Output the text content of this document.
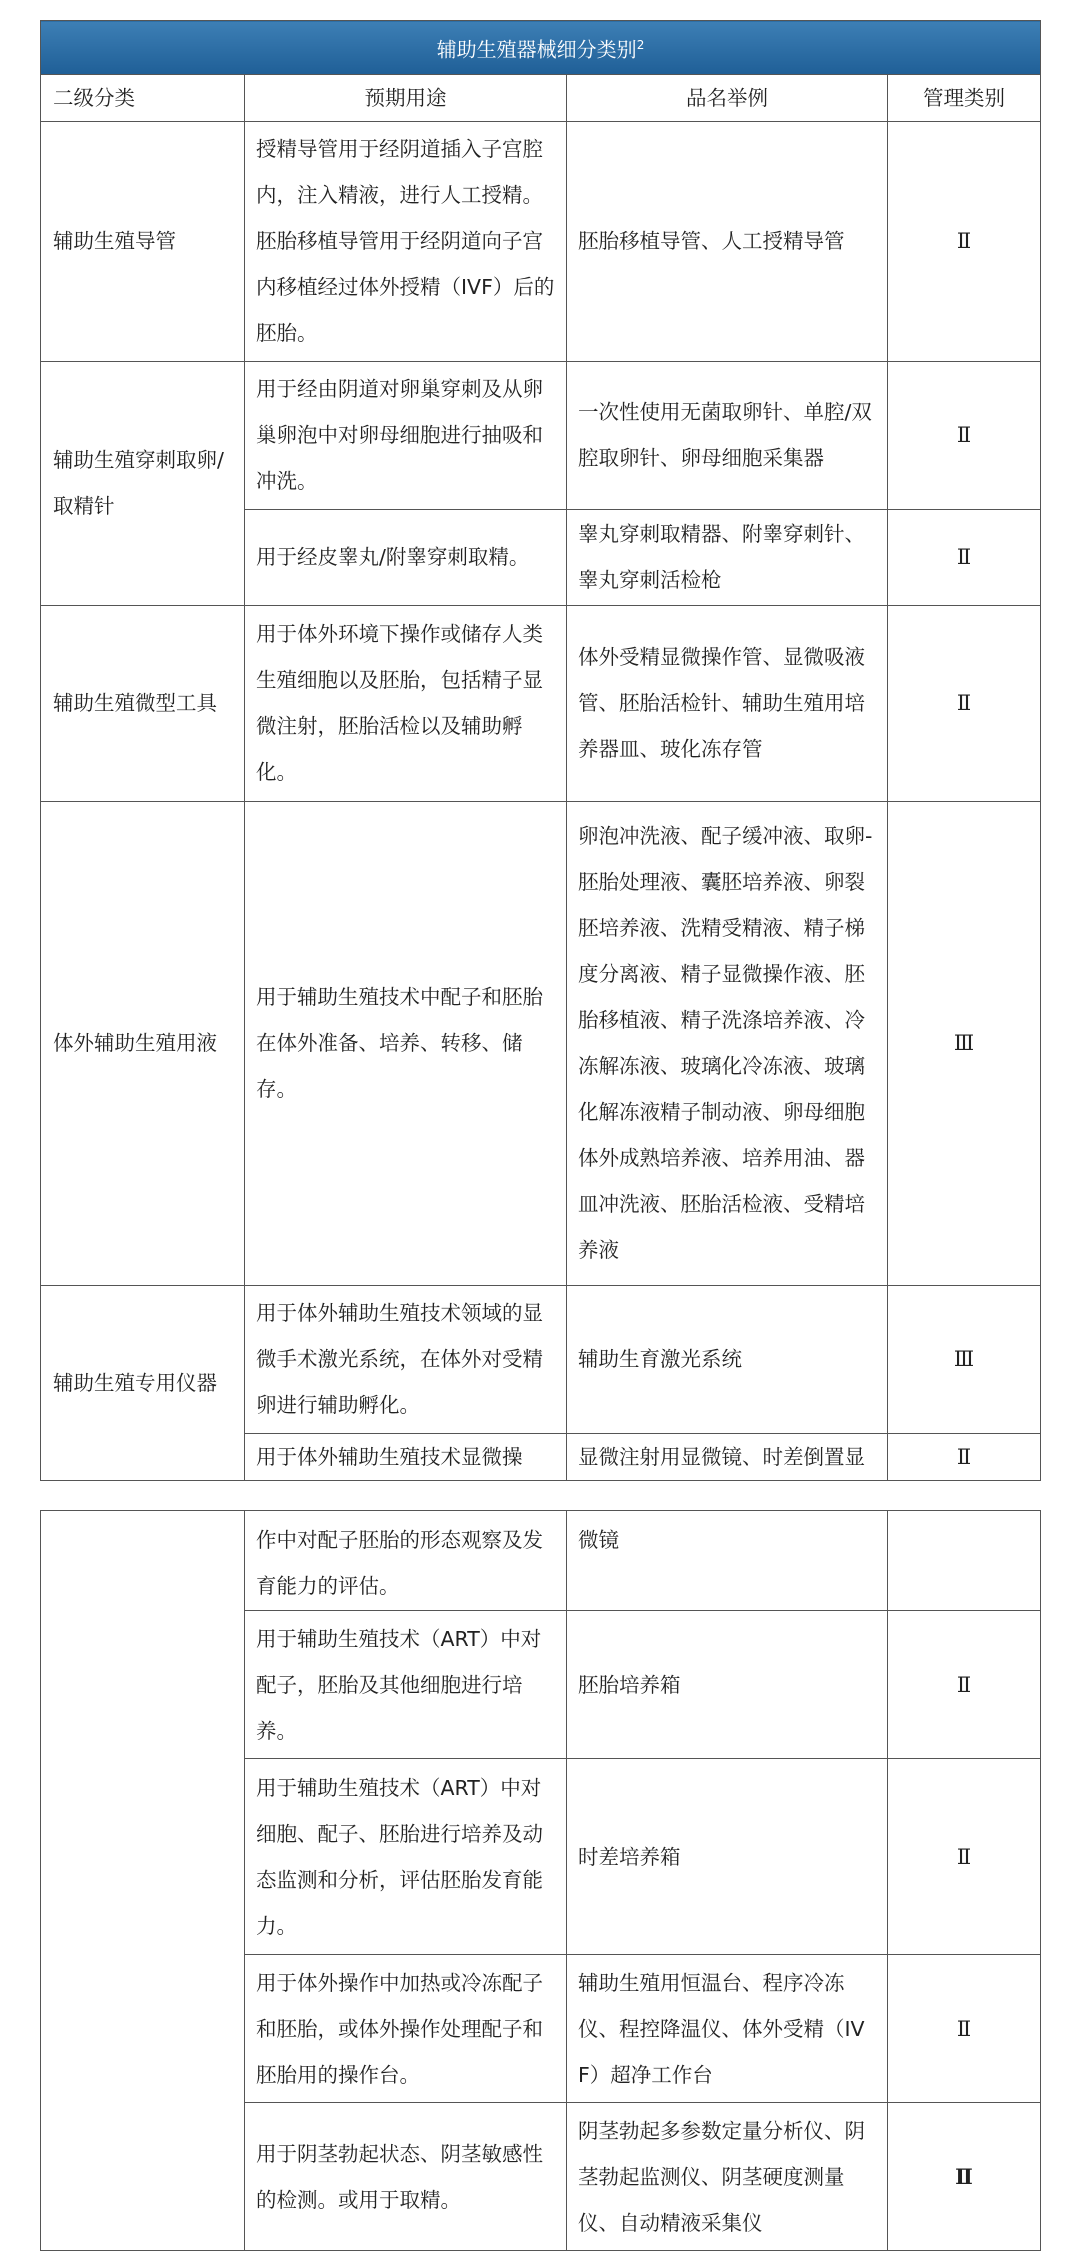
辅助生殖器械细分类别$^2$
二级分类	预期用途	品名举例	管理类别
辅助生殖导管	授精导管用于经阴道插入子宫腔内，注入精液，进行人工授精。胚胎移植导管用于经阴道向子宫内移植经过体外授精（IVF）后的胚胎。	胚胎移植导管、人工授精导管	Ⅱ
辅助生殖穿刺取卵/取精针	用于经由阴道对卵巢穿刺及从卵巢卵泡中对卵母细胞进行抽吸和冲洗。	一次性使用无菌取卵针、单腔/双腔取卵针、卵母细胞采集器	Ⅱ
	用于经皮睾丸/附睾穿刺取精。	睾丸穿刺取精器、附睾穿刺针、睾丸穿刺活检枪	Ⅱ
辅助生殖微型工具	用于体外环境下操作或储存人类生殖细胞以及胚胎，包括精子显微注射，胚胎活检以及辅助孵化。	体外受精显微操作管、显微吸液管、胚胎活检针、辅助生殖用培养器皿、玻化冻存管	Ⅱ
体外辅助生殖用液	用于辅助生殖技术中配子和胚胎在体外准备、培养、转移、储存。	卵泡冲洗液、配子缓冲液、取卵-胚胎处理液、囊胚培养液、卵裂胚培养液、洗精受精液、精子梯度分离液、精子显微操作液、胚胎移植液、精子洗涤培养液、冷冻解冻液、玻璃化冷冻液、玻璃化解冻液精子制动液、卵母细胞体外成熟培养液、培养用油、器皿冲洗液、胚胎活检液、受精培养液	Ⅲ
辅助生殖专用仪器	用于体外辅助生殖技术领域的显微手术激光系统，在体外对受精卵进行辅助孵化。	辅助生育激光系统	Ⅲ
	用于体外辅助生殖技术显微操	显微注射用显微镜、时差倒置显	Ⅱ
	作中对配子胚胎的形态观察及发育能力的评估。	微镜	
	用于辅助生殖技术（ART）中对配子，胚胎及其他细胞进行培养。	胚胎培养箱	Ⅱ
	用于辅助生殖技术（ART）中对细胞、配子、胚胎进行培养及动态监测和分析，评估胚胎发育能力。	时差培养箱	Ⅱ
	用于体外操作中加热或冷冻配子和胚胎，或体外操作处理配子和胚胎用的操作台。	辅助生殖用恒温台、程序冷冻仪、程控降温仪、体外受精（IVF）超净工作台	Ⅱ
	用于阴茎勃起状态、阴茎敏感性的检测。或用于取精。	阴茎勃起多参数定量分析仪、阴茎勃起监测仪、阴茎硬度测量仪、自动精液采集仪	Ⅱ
